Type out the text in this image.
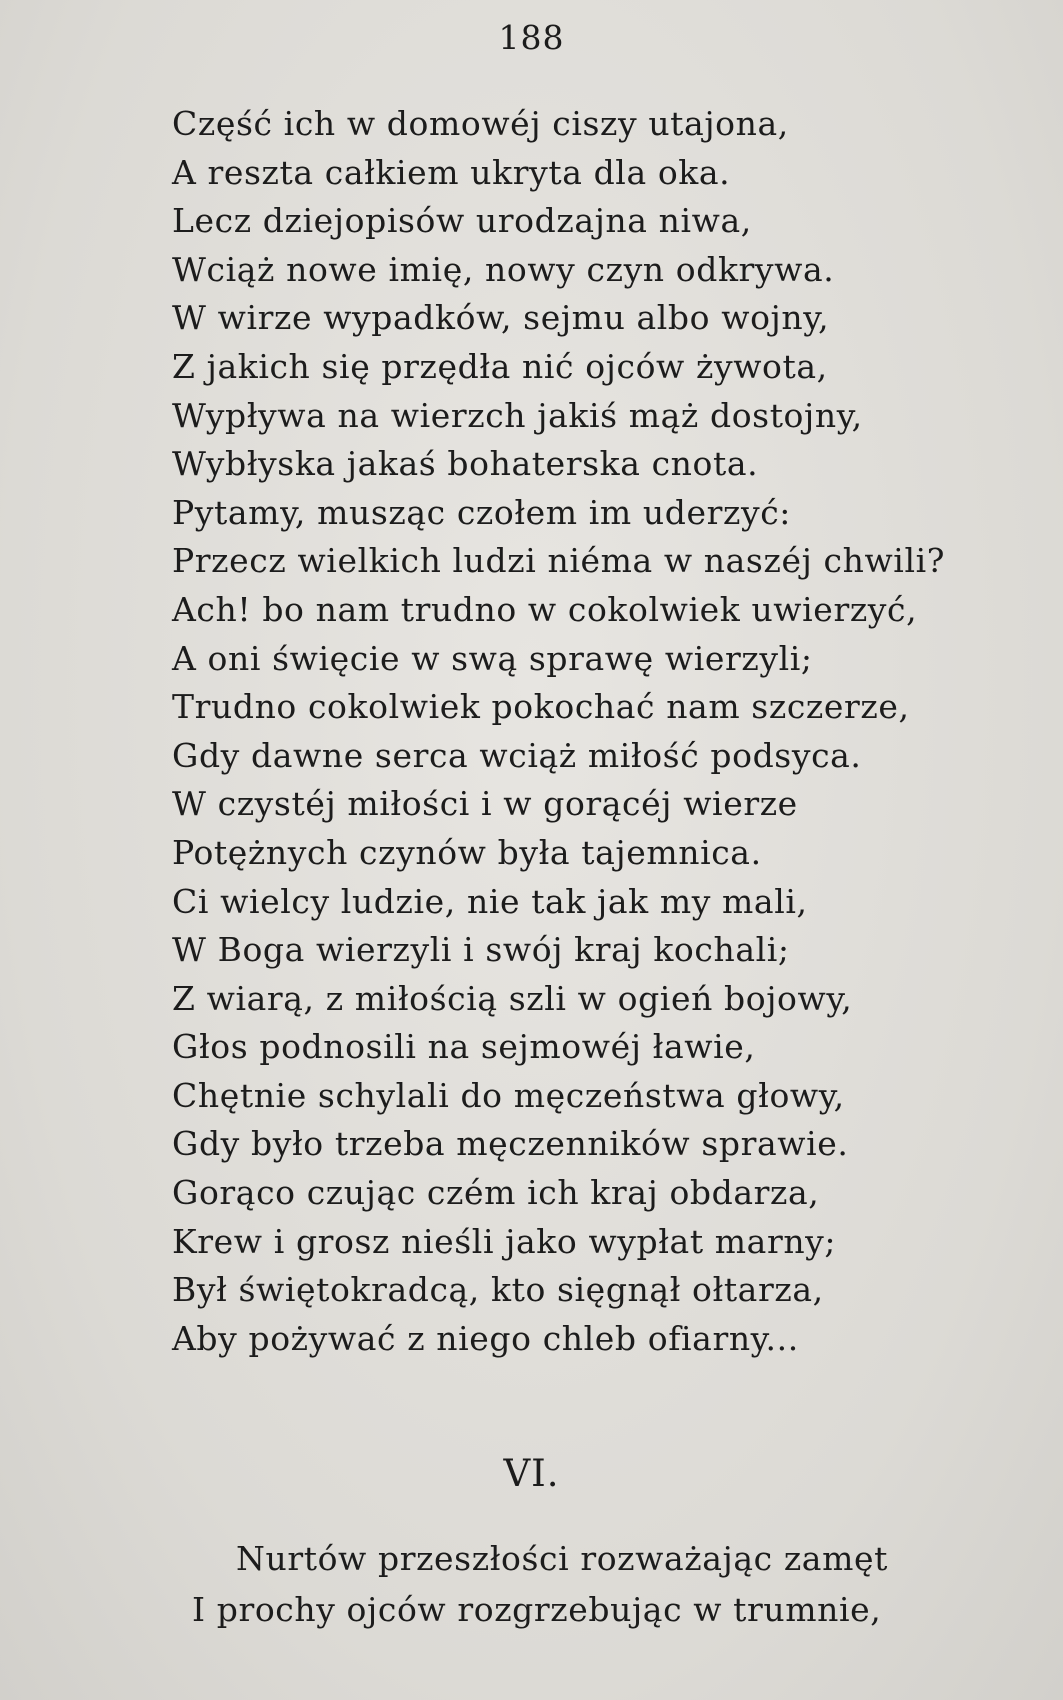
188
Część ich w domowéj ciszy utajona,
A reszta całkiem ukryta dla oka.
Lecz dziejopisów urodzajna niwa,
Wciąż nowe imię, nowy czyn odkrywa.
W wirze wypadków, sejmu albo wojny,
Z jakich się przędła nić ojców żywota,
Wypływa na wierzch jakiś mąż dostojny,
Wybłyska jakaś bohaterska cnota.
Pytamy, musząc czołem im uderzyć:
Przecz wielkich ludzi niéma w naszéj chwili?
Ach! bo nam trudno w cokolwiek uwierzyć,
A oni święcie w swą sprawę wierzyli;
Trudno cokolwiek pokochać nam szczerze,
Gdy dawne serca wciąż miłość podsyca.
W czystéj miłości i w gorącéj wierze
Potężnych czynów była tajemnica.
Ci wielcy ludzie, nie tak jak my mali,
W Boga wierzyli i swój kraj kochali;
Z wiarą, z miłością szli w ogień bojowy,
Głos podnosili na sejmowéj ławie,
Chętnie schylali do męczeństwa głowy,
Gdy było trzeba męczenników sprawie.
Gorąco czując czém ich kraj obdarza,
Krew i grosz nieśli jako wypłat marny;
Był świętokradcą, kto sięgnął ołtarza,
Aby pożywać z niego chleb ofiarny...
VI.
Nurtów przeszłości rozważając zamęt
I prochy ojców rozgrzebując w trumnie,
